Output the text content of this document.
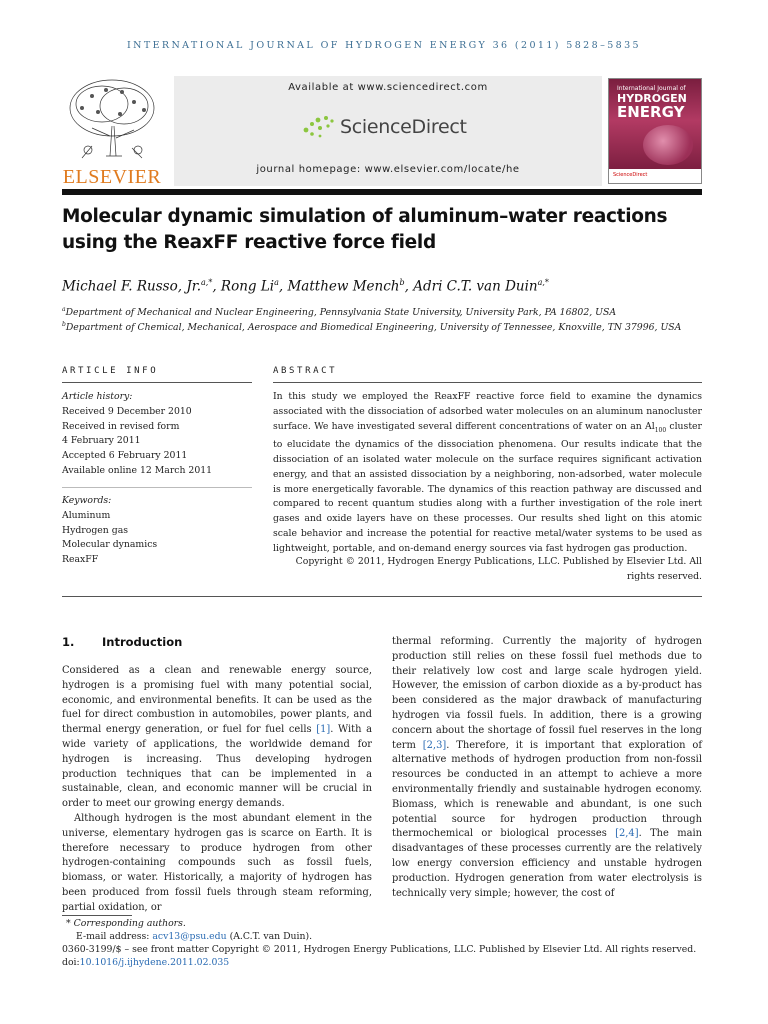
INTERNATIONAL JOURNAL OF HYDROGEN ENERGY 36 (2011) 5828–5835
ELSEVIER
Available at www.sciencedirect.com
ScienceDirect
journal homepage: www.elsevier.com/locate/he
International Journal of
HYDROGEN
ENERGY
ScienceDirect
Molecular dynamic simulation of aluminum–water reactions using the ReaxFF reactive force field
Michael F. Russo, Jr.$^{a,*}$, Rong Li$^a$, Matthew Mench$^b$, Adri C.T. van Duin$^{a,*}$
$^a$Department of Mechanical and Nuclear Engineering, Pennsylvania State University, University Park, PA 16802, USA
$^b$Department of Chemical, Mechanical, Aerospace and Biomedical Engineering, University of Tennessee, Knoxville, TN 37996, USA
ARTICLE INFO	ABSTRACT
Article history:
Received 9 December 2010
Received in revised form
4 February 2011
Accepted 6 February 2011
Available online 12 March 2011
Keywords:
Aluminum
Hydrogen gas
Molecular dynamics
ReaxFF
In this study we employed the ReaxFF reactive force field to examine the dynamics associated with the dissociation of adsorbed water molecules on an aluminum nanocluster surface. We have investigated several different concentrations of water on an $Al_{100}$ cluster to elucidate the dynamics of the dissociation phenomena. Our results indicate that the dissociation of an isolated water molecule on the surface requires significant activation energy, and that an assisted dissociation by a neighboring, non-adsorbed, water molecule is more energetically favorable. The dynamics of this reaction pathway are discussed and compared to recent quantum studies along with a further investigation of the role inert gases and oxide layers have on these processes. Our results shed light on this atomic scale behavior and increase the potential for reactive metal/water systems to be used as lightweight, portable, and on-demand energy sources via fast hydrogen gas production.
Copyright © 2011, Hydrogen Energy Publications, LLC. Published by Elsevier Ltd. All rights reserved.
1. Introduction

Considered as a clean and renewable energy source, hydrogen is a promising fuel with many potential social, economic, and environmental benefits. It can be used as the fuel for direct combustion in automobiles, power plants, and thermal energy generation, or fuel for fuel cells [1]. With a wide variety of applications, the worldwide demand for hydrogen is increasing. Thus developing hydrogen production techniques that can be implemented in a sustainable, clean, and economic manner will be crucial in order to meet our growing energy demands.

Although hydrogen is the most abundant element in the universe, elementary hydrogen gas is scarce on Earth. It is therefore necessary to produce hydrogen from other hydrogen-containing compounds such as fossil fuels, biomass, or water. Historically, a majority of hydrogen has been produced from fossil fuels through steam reforming, partial oxidation, or

thermal reforming. Currently the majority of hydrogen production still relies on these fossil fuel methods due to their relatively low cost and large scale hydrogen yield. However, the emission of carbon dioxide as a by-product has been considered as the major drawback of manufacturing hydrogen via fossil fuels. In addition, there is a growing concern about the shortage of fossil fuel reserves in the long term [2,3]. Therefore, it is important that exploration of alternative methods of hydrogen production from non-fossil resources be conducted in an attempt to achieve a more environmentally friendly and sustainable hydrogen economy. Biomass, which is renewable and abundant, is one such potential source for hydrogen production through thermochemical or biological processes [2,4]. The main disadvantages of these processes currently are the relatively low energy conversion efficiency and unstable hydrogen production. Hydrogen generation from water electrolysis is technically very simple; however, the cost of

* Corresponding authors.
E-mail address: acv13@psu.edu (A.C.T. van Duin).
0360-3199/$ – see front matter Copyright © 2011, Hydrogen Energy Publications, LLC. Published by Elsevier Ltd. All rights reserved.
doi:10.1016/j.ijhydene.2011.02.035
